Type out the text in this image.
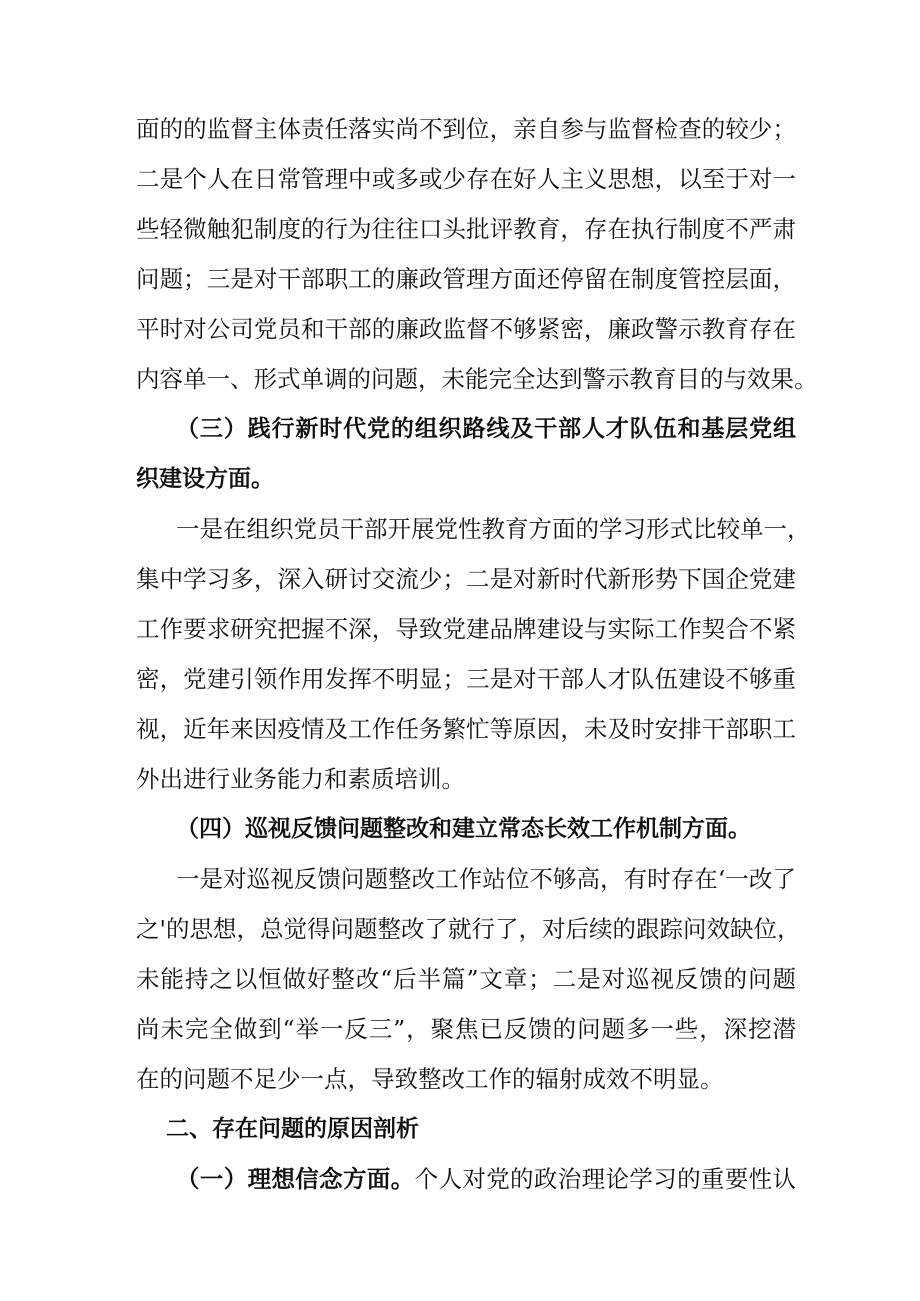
面的的监督主体责任落实尚不到位，亲自参与监督检查的较少；
二是个人在日常管理中或多或少存在好人主义思想，以至于对一
些轻微触犯制度的行为往往口头批评教育，存在执行制度不严肃
问题；三是对干部职工的廉政管理方面还停留在制度管控层面，
平时对公司党员和干部的廉政监督不够紧密，廉政警示教育存在
内容单一、形式单调的问题，未能完全达到警示教育目的与效果。
（三）践行新时代党的组织路线及干部人才队伍和基层党组
织建设方面。
一是在组织党员干部开展党性教育方面的学习形式比较单一，
集中学习多，深入研讨交流少；二是对新时代新形势下国企党建
工作要求研究把握不深，导致党建品牌建设与实际工作契合不紧
密，党建引领作用发挥不明显；三是对干部人才队伍建设不够重
视，近年来因疫情及工作任务繁忙等原因，未及时安排干部职工
外出进行业务能力和素质培训。
（四）巡视反馈问题整改和建立常态长效工作机制方面。
一是对巡视反馈问题整改工作站位不够高，有时存在‘一改了
之'的思想，总觉得问题整改了就行了，对后续的跟踪问效缺位，
未能持之以恒做好整改“后半篇”文章；二是对巡视反馈的问题
尚未完全做到“举一反三”，聚焦已反馈的问题多一些，深挖潜
在的问题不足少一点，导致整改工作的辐射成效不明显。
二、存在问题的原因剖析
（一）理想信念方面。个人对党的政治理论学习的重要性认
